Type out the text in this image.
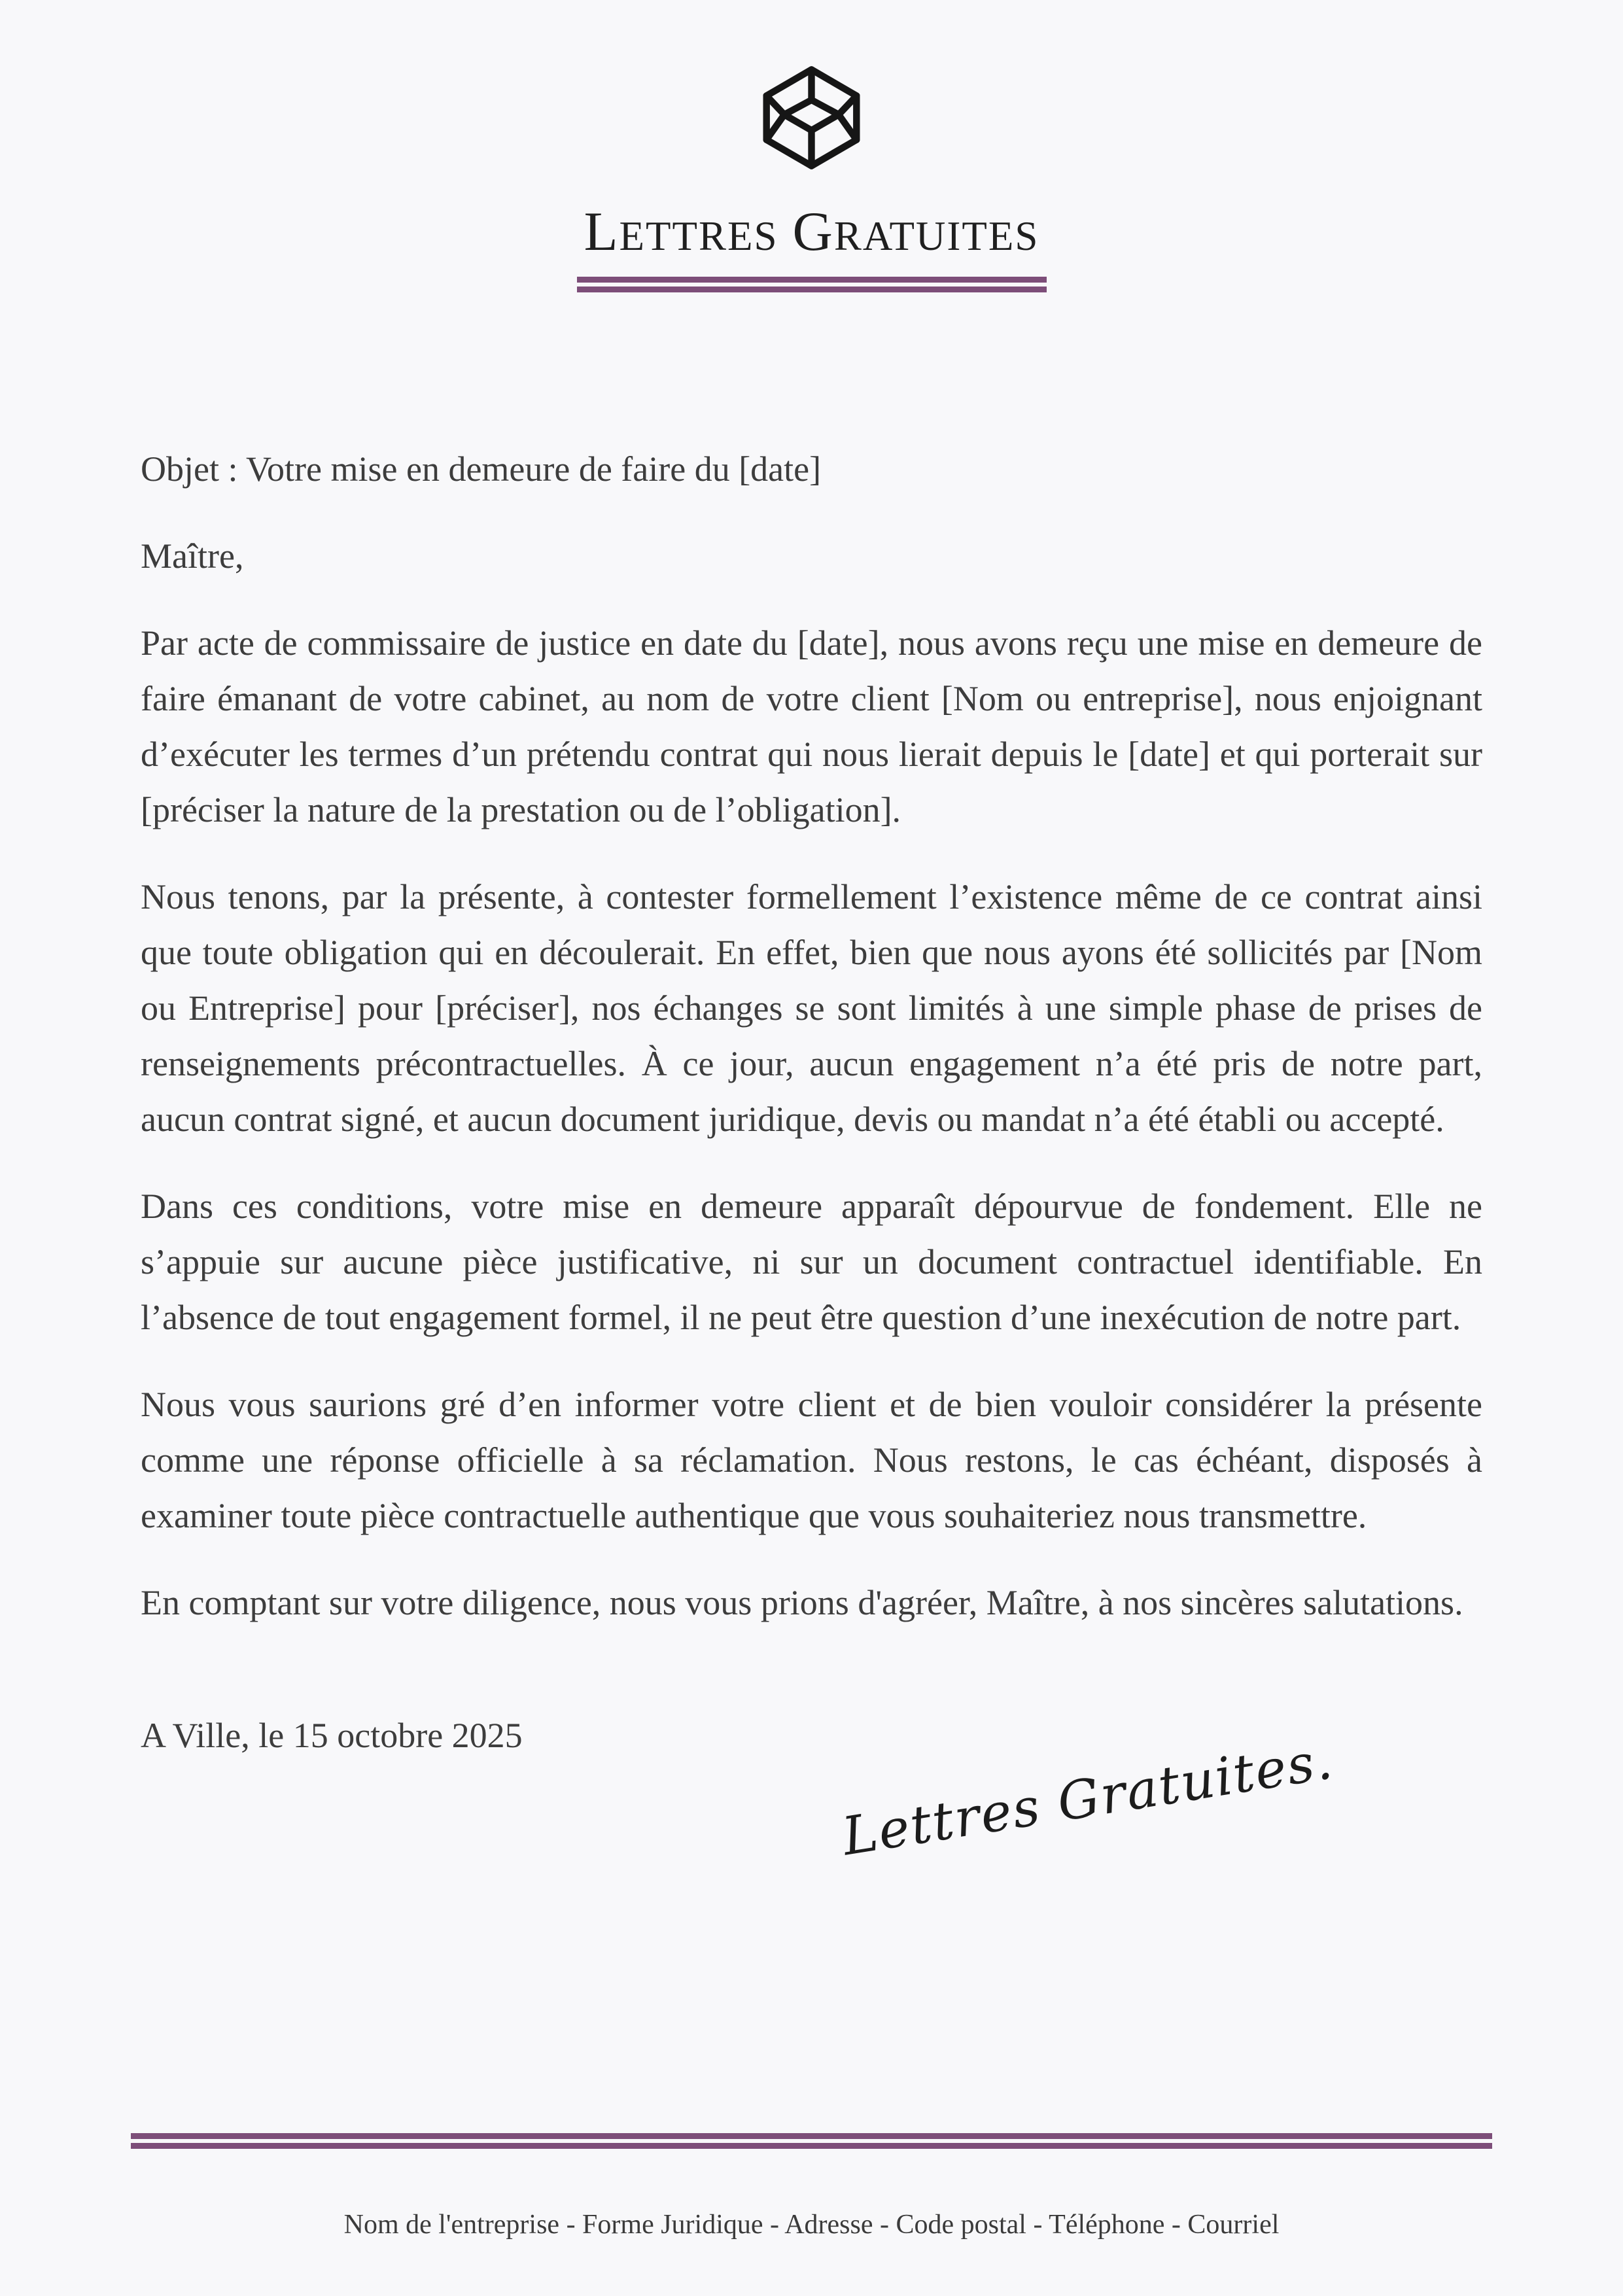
LETTRES GRATUITES
Objet : Votre mise en demeure de faire du [date]
Maître,
Par acte de commissaire de justice en date du [date], nous avons reçu une mise en demeure de faire émanant de votre cabinet, au nom de votre client [Nom ou entreprise], nous enjoignant d’exécuter les termes d’un prétendu contrat qui nous lierait depuis le [date] et qui porterait sur [préciser la nature de la prestation ou de l’obligation].
Nous tenons, par la présente, à contester formellement l’existence même de ce contrat ainsi que toute obligation qui en découlerait. En effet, bien que nous ayons été sollicités par [Nom ou Entreprise] pour [préciser], nos échanges se sont limités à une simple phase de prises de renseignements précontractuelles. À ce jour, aucun engagement n’a été pris de notre part, aucun contrat signé, et aucun document juridique, devis ou mandat n’a été établi ou accepté.
Dans ces conditions, votre mise en demeure apparaît dépourvue de fondement. Elle ne s’appuie sur aucune pièce justificative, ni sur un document contractuel identifiable. En l’absence de tout engagement formel, il ne peut être question d’une inexécution de notre part.
Nous vous saurions gré d’en informer votre client et de bien vouloir considérer la présente comme une réponse officielle à sa réclamation. Nous restons, le cas échéant, disposés à examiner toute pièce contractuelle authentique que vous souhaiteriez nous transmettre.
En comptant sur votre diligence, nous vous prions d'agréer, Maître, à nos sincères salutations.
A Ville, le 15 octobre 2025	Lettres Gratuites.
Nom de l'entreprise - Forme Juridique - Adresse - Code postal - Téléphone - Courriel
